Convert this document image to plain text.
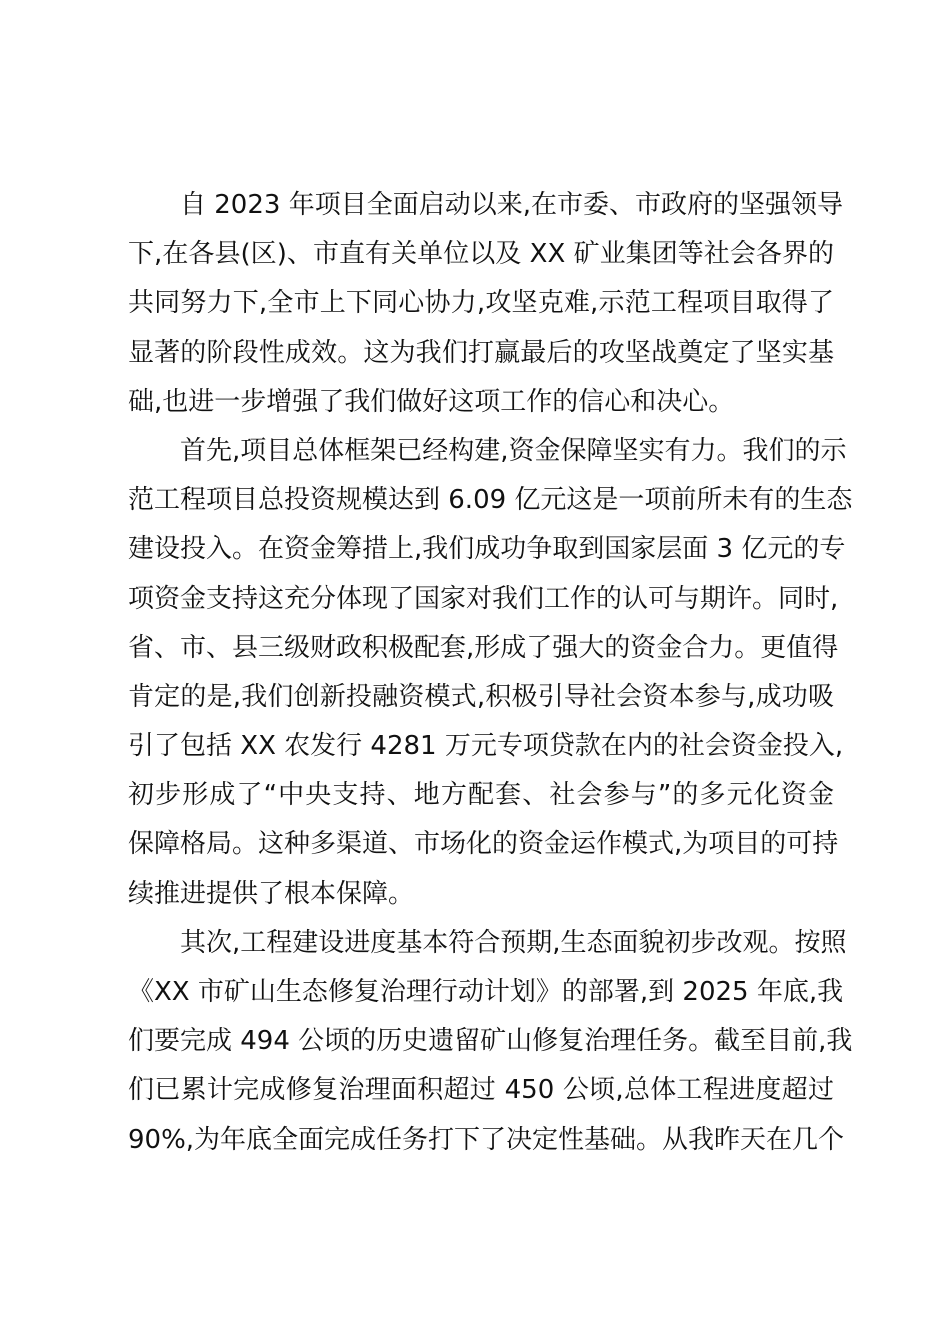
自 2023 年项目全面启动以来,在市委、市政府的坚强领导
下,在各县(区)、市直有关单位以及 XX 矿业集团等社会各界的
共同努力下,全市上下同心协力,攻坚克难,示范工程项目取得了
显著的阶段性成效。这为我们打赢最后的攻坚战奠定了坚实基
础,也进一步增强了我们做好这项工作的信心和决心。
首先,项目总体框架已经构建,资金保障坚实有力。我们的示
范工程项目总投资规模达到 6.09 亿元这是一项前所未有的生态
建设投入。在资金筹措上,我们成功争取到国家层面 3 亿元的专
项资金支持这充分体现了国家对我们工作的认可与期许。同时,
省、市、县三级财政积极配套,形成了强大的资金合力。更值得
肯定的是,我们创新投融资模式,积极引导社会资本参与,成功吸
引了包括 XX 农发行 4281 万元专项贷款在内的社会资金投入,
初步形成了“中央支持、地方配套、社会参与”的多元化资金
保障格局。这种多渠道、市场化的资金运作模式,为项目的可持
续推进提供了根本保障。
其次,工程建设进度基本符合预期,生态面貌初步改观。按照
《XX 市矿山生态修复治理行动计划》的部署,到 2025 年底,我
们要完成 494 公顷的历史遗留矿山修复治理任务。截至目前,我
们已累计完成修复治理面积超过 450 公顷,总体工程进度超过
90%,为年底全面完成任务打下了决定性基础。从我昨天在几个
